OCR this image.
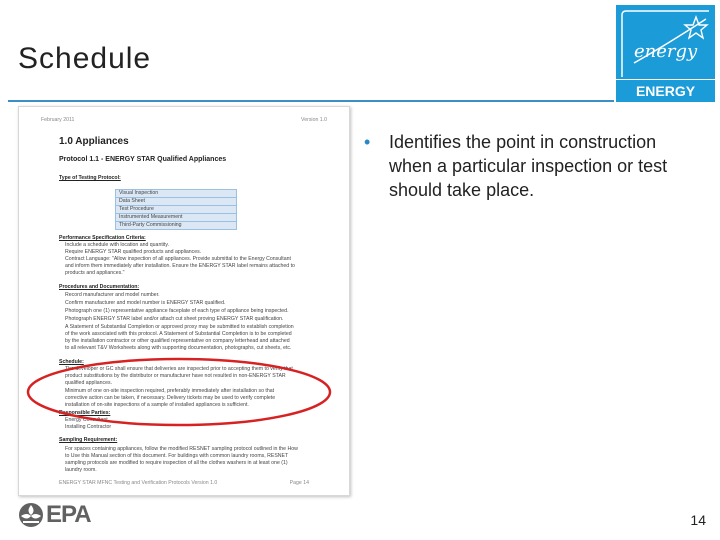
Schedule	energy
ENERGY STAR
February 2011	Version 1.0
1.0 Appliances
Protocol 1.1 - ENERGY STAR Qualified Appliances
Type of Testing Protocol:
Visual Inspection
Data Sheet
Test Procedure
Instrumented Measurement
Third-Party Commissioning
Performance Specification Criteria:
Include a schedule with location and quantity.
Require ENERGY STAR qualified products and appliances.
Contract Language: "Allow inspection of all appliances. Provide submittal to the Energy Consultant
and inform them immediately after installation. Ensure the ENERGY STAR label remains attached to
products and appliances."
Procedures and Documentation:
Record manufacturer and model number.
Confirm manufacturer and model number is ENERGY STAR qualified.
Photograph one (1) representative appliance faceplate of each type of appliance being inspected.
Photograph ENERGY STAR label and/or attach cut sheet proving ENERGY STAR qualification.
A Statement of Substantial Completion or approved proxy may be submitted to establish completion
of the work associated with this protocol. A Statement of Substantial Completion is to be completed
by the installation contractor or other qualified representative on company letterhead and attached
to all relevant T&V Worksheets along with supporting documentation, photographs, cut sheets, etc.
Schedule:
The developer or GC shall ensure that deliveries are inspected prior to accepting them to verify that
product substitutions by the distributor or manufacturer have not resulted in non-ENERGY STAR
qualified appliances.
Minimum of one on-site inspection required, preferably immediately after installation so that
corrective action can be taken, if necessary. Delivery tickets may be used to verify complete
installation of on-site inspections of a sample of installed appliances is sufficient.
Responsible Parties:
Energy Consultant
Installing Contractor
Sampling Requirement:
For spaces containing appliances, follow the modified RESNET sampling protocol outlined in the How
to Use this Manual section of this document. For buildings with common laundry rooms, RESNET
sampling protocols are modified to require inspection of all the clothes washers in at least one (1)
laundry room.
ENERGY STAR MFNC Testing and Verification Protocols Version 1.0	Page 14
• Identifies the point in construction when a particular inspection or test should take place.
EPA	14
